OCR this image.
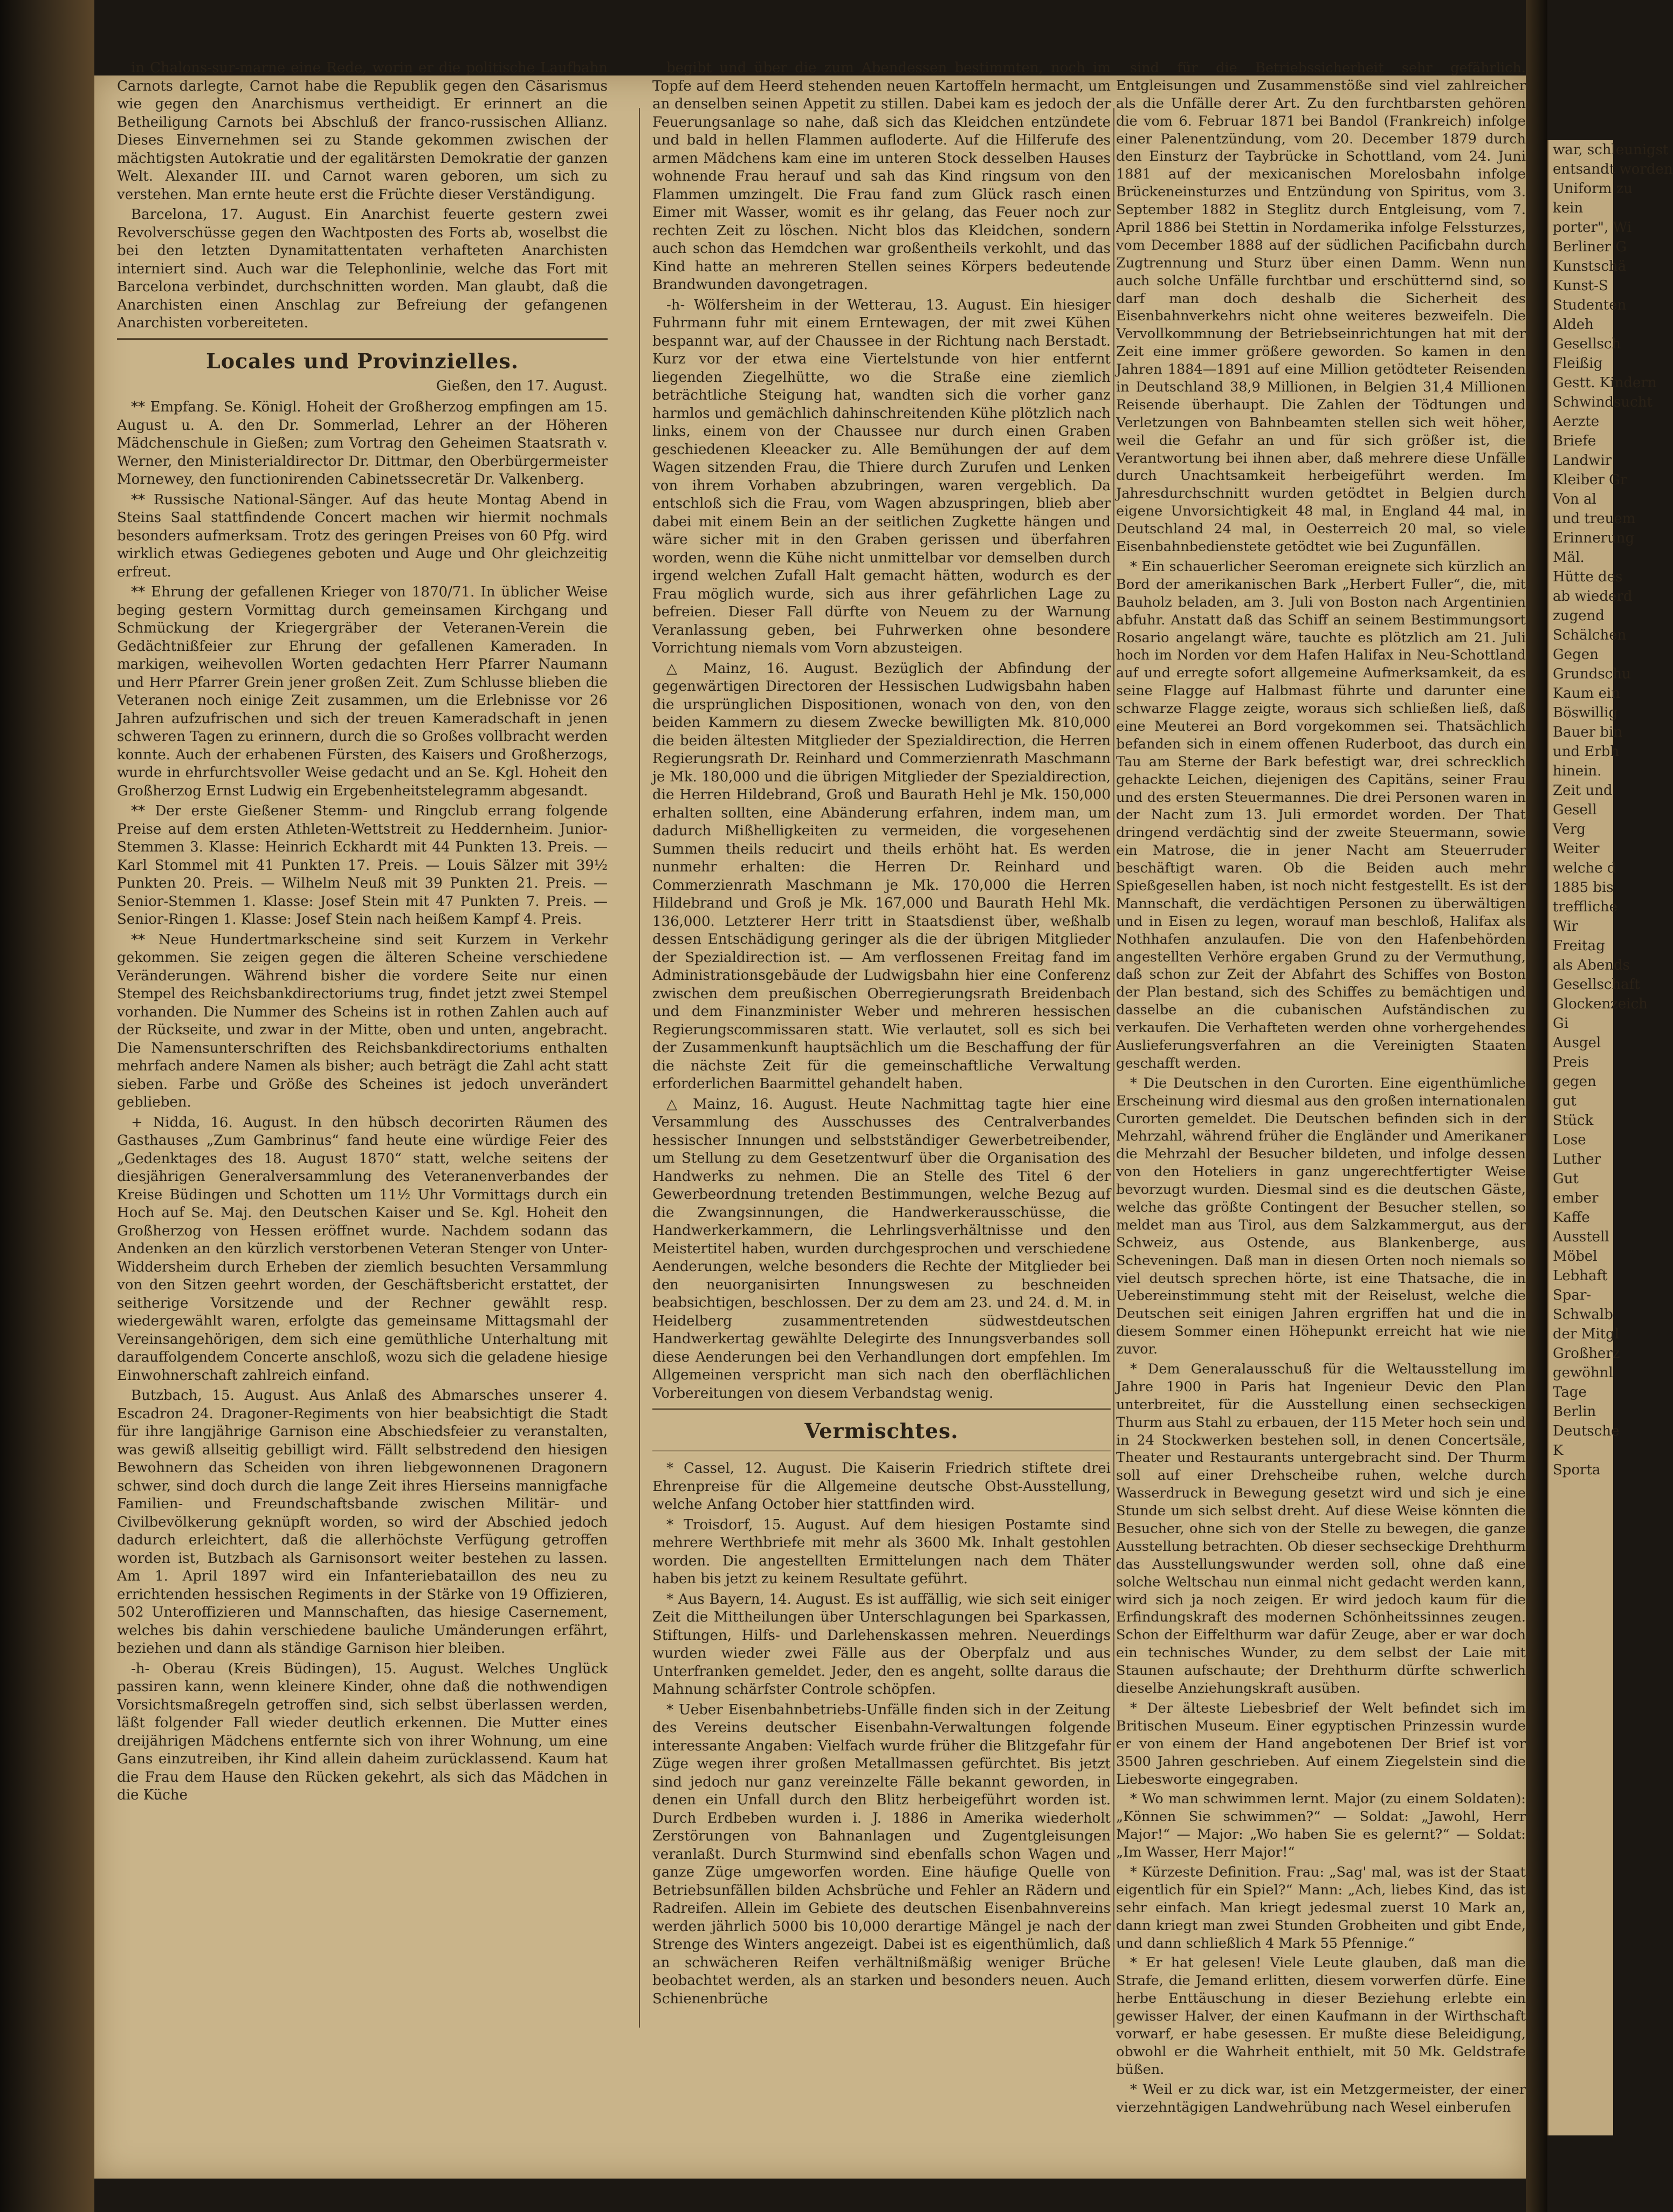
war, schleunigst
entsandt worden
Uniform zu
kein
porter", Wi
Berliner G
Kunstschä
Kunst-S
Studenten
Aldeh
Gesellsch
Fleißig
Gestt. Kindern
Schwindsucht
Aerzte
Briefe
Landwir
Kleiber Gr
Von al
und treuem
Erinnerung
Mäl.
Hütte des
ab wiederd
zugend
Schälchen
Gegen
Grundschu
Kaum ein
Böswillig
Bauer bin
und Erbh
hinein.
Zeit und
Gesell
Verg
Weiter
welche d
1885 bis
treffliche
Wir
Freitag
als Abends
Gesellschaft
Glockenzeich
Gi
Ausgel
Preis
gegen
gut
Stück
Lose
Luther
Gut
ember
Kaffe
Ausstell
Möbel
Lebhaft
Spar-
Schwalb
der Mitgl
Großherz
gewöhnl
Tage
Berlin
Deutsche
K
Sporta

in Chalons-sur-marne eine Rede, worin er die politische Laufbahn Carnots darlegte, Carnot habe die Republik gegen den Cäsarismus wie gegen den Anarchismus vertheidigt. Er erinnert an die Betheiligung Carnots bei Abschluß der franco-russischen Allianz. Dieses Einvernehmen sei zu Stande gekommen zwischen der mächtigsten Autokratie und der egalitärsten Demokratie der ganzen Welt. Alexander III. und Carnot waren geboren, um sich zu verstehen. Man ernte heute erst die Früchte dieser Verständigung.

Barcelona, 17. August. Ein Anarchist feuerte gestern zwei Revolverschüsse gegen den Wachtposten des Forts ab, woselbst die bei den letzten Dynamitattentaten verhafteten Anarchisten interniert sind. Auch war die Telephonlinie, welche das Fort mit Barcelona verbindet, durchschnitten worden. Man glaubt, daß die Anarchisten einen Anschlag zur Befreiung der gefangenen Anarchisten vorbereiteten.

Locales und Provinzielles.
Gießen, den 17. August.

** Empfang. Se. Königl. Hoheit der Großherzog empfingen am 15. August u. A. den Dr. Sommerlad, Lehrer an der Höheren Mädchenschule in Gießen; zum Vortrag den Geheimen Staatsrath v. Werner, den Ministerialdirector Dr. Dittmar, den Oberbürgermeister Mornewey, den functionirenden Cabinetssecretär Dr. Valkenberg.

** Russische National-Sänger. Auf das heute Montag Abend in Steins Saal stattfindende Concert machen wir hiermit nochmals besonders aufmerksam. Trotz des geringen Preises von 60 Pfg. wird wirklich etwas Gediegenes geboten und Auge und Ohr gleichzeitig erfreut.

** Ehrung der gefallenen Krieger von 1870/71. In üblicher Weise beging gestern Vormittag durch gemeinsamen Kirchgang und Schmückung der Kriegergräber der Veteranen-Verein die Gedächtnißfeier zur Ehrung der gefallenen Kameraden. In markigen, weihevollen Worten gedachten Herr Pfarrer Naumann und Herr Pfarrer Grein jener großen Zeit. Zum Schlusse blieben die Veteranen noch einige Zeit zusammen, um die Erlebnisse vor 26 Jahren aufzufrischen und sich der treuen Kameradschaft in jenen schweren Tagen zu erinnern, durch die so Großes vollbracht werden konnte. Auch der erhabenen Fürsten, des Kaisers und Großherzogs, wurde in ehrfurchtsvoller Weise gedacht und an Se. Kgl. Hoheit den Großherzog Ernst Ludwig ein Ergebenheitstelegramm abgesandt.

** Der erste Gießener Stemm- und Ringclub errang folgende Preise auf dem ersten Athleten-Wettstreit zu Heddernheim. Junior-Stemmen 3. Klasse: Heinrich Eckhardt mit 44 Punkten 13. Preis. — Karl Stommel mit 41 Punkten 17. Preis. — Louis Sälzer mit 39½ Punkten 20. Preis. — Wilhelm Neuß mit 39 Punkten 21. Preis. — Senior-Stemmen 1. Klasse: Josef Stein mit 47 Punkten 7. Preis. — Senior-Ringen 1. Klasse: Josef Stein nach heißem Kampf 4. Preis.

** Neue Hundertmarkscheine sind seit Kurzem in Verkehr gekommen. Sie zeigen gegen die älteren Scheine verschiedene Veränderungen. Während bisher die vordere Seite nur einen Stempel des Reichsbankdirectoriums trug, findet jetzt zwei Stempel vorhanden. Die Nummer des Scheins ist in rothen Zahlen auch auf der Rückseite, und zwar in der Mitte, oben und unten, angebracht. Die Namensunterschriften des Reichsbankdirectoriums enthalten mehrfach andere Namen als bisher; auch beträgt die Zahl acht statt sieben. Farbe und Größe des Scheines ist jedoch unverändert geblieben.

+ Nidda, 16. August. In den hübsch decorirten Räumen des Gasthauses „Zum Gambrinus“ fand heute eine würdige Feier des „Gedenktages des 18. August 1870“ statt, welche seitens der diesjährigen Generalversammlung des Veteranenverbandes der Kreise Büdingen und Schotten um 11½ Uhr Vormittags durch ein Hoch auf Se. Maj. den Deutschen Kaiser und Se. Kgl. Hoheit den Großherzog von Hessen eröffnet wurde. Nachdem sodann das Andenken an den kürzlich verstorbenen Veteran Stenger von Unter-Widdersheim durch Erheben der ziemlich besuchten Versammlung von den Sitzen geehrt worden, der Geschäftsbericht erstattet, der seitherige Vorsitzende und der Rechner gewählt resp. wiedergewählt waren, erfolgte das gemeinsame Mittagsmahl der Vereinsangehörigen, dem sich eine gemüthliche Unterhaltung mit darauffolgendem Concerte anschloß, wozu sich die geladene hiesige Einwohnerschaft zahlreich einfand.

Butzbach, 15. August. Aus Anlaß des Abmarsches unserer 4. Escadron 24. Dragoner-Regiments von hier beabsichtigt die Stadt für ihre langjährige Garnison eine Abschiedsfeier zu veranstalten, was gewiß allseitig gebilligt wird. Fällt selbstredend den hiesigen Bewohnern das Scheiden von ihren liebgewonnenen Dragonern schwer, sind doch durch die lange Zeit ihres Hierseins mannigfache Familien- und Freundschaftsbande zwischen Militär- und Civilbevölkerung geknüpft worden, so wird der Abschied jedoch dadurch erleichtert, daß die allerhöchste Verfügung getroffen worden ist, Butzbach als Garnisonsort weiter bestehen zu lassen. Am 1. April 1897 wird ein Infanteriebataillon des neu zu errichtenden hessischen Regiments in der Stärke von 19 Offizieren, 502 Unteroffizieren und Mannschaften, das hiesige Casernement, welches bis dahin verschiedene bauliche Umänderungen erfährt, beziehen und dann als ständige Garnison hier bleiben.

-h- Oberau (Kreis Büdingen), 15. August. Welches Unglück passiren kann, wenn kleinere Kinder, ohne daß die nothwendigen Vorsichtsmaßregeln getroffen sind, sich selbst überlassen werden, läßt folgender Fall wieder deutlich erkennen. Die Mutter eines dreijährigen Mädchens entfernte sich von ihrer Wohnung, um eine Gans einzutreiben, ihr Kind allein daheim zurücklassend. Kaum hat die Frau dem Hause den Rücken gekehrt, als sich das Mädchen in die Küche

begibt und über die zum Abendessen bestimmten, noch im Topfe auf dem Heerd stehenden neuen Kartoffeln hermacht, um an denselben seinen Appetit zu stillen. Dabei kam es jedoch der Feuerungsanlage so nahe, daß sich das Kleidchen entzündete und bald in hellen Flammen aufloderte. Auf die Hilferufe des armen Mädchens kam eine im unteren Stock desselben Hauses wohnende Frau herauf und sah das Kind ringsum von den Flammen umzingelt. Die Frau fand zum Glück rasch einen Eimer mit Wasser, womit es ihr gelang, das Feuer noch zur rechten Zeit zu löschen. Nicht blos das Kleidchen, sondern auch schon das Hemdchen war großentheils verkohlt, und das Kind hatte an mehreren Stellen seines Körpers bedeutende Brandwunden davongetragen.

-h- Wölfersheim in der Wetterau, 13. August. Ein hiesiger Fuhrmann fuhr mit einem Erntewagen, der mit zwei Kühen bespannt war, auf der Chaussee in der Richtung nach Berstadt. Kurz vor der etwa eine Viertelstunde von hier entfernt liegenden Ziegelhütte, wo die Straße eine ziemlich beträchtliche Steigung hat, wandten sich die vorher ganz harmlos und gemächlich dahinschreitenden Kühe plötzlich nach links, einem von der Chaussee nur durch einen Graben geschiedenen Kleeacker zu. Alle Bemühungen der auf dem Wagen sitzenden Frau, die Thiere durch Zurufen und Lenken von ihrem Vorhaben abzubringen, waren vergeblich. Da entschloß sich die Frau, vom Wagen abzuspringen, blieb aber dabei mit einem Bein an der seitlichen Zugkette hängen und wäre sicher mit in den Graben gerissen und überfahren worden, wenn die Kühe nicht unmittelbar vor demselben durch irgend welchen Zufall Halt gemacht hätten, wodurch es der Frau möglich wurde, sich aus ihrer gefährlichen Lage zu befreien. Dieser Fall dürfte von Neuem zu der Warnung Veranlassung geben, bei Fuhrwerken ohne besondere Vorrichtung niemals vom Vorn abzusteigen.

△ Mainz, 16. August. Bezüglich der Abfindung der gegenwärtigen Directoren der Hessischen Ludwigsbahn haben die ursprünglichen Dispositionen, wonach von den, von den beiden Kammern zu diesem Zwecke bewilligten Mk. 810,000 die beiden ältesten Mitglieder der Spezialdirection, die Herren Regierungsrath Dr. Reinhard und Commerzienrath Maschmann je Mk. 180,000 und die übrigen Mitglieder der Spezialdirection, die Herren Hildebrand, Groß und Baurath Hehl je Mk. 150,000 erhalten sollten, eine Abänderung erfahren, indem man, um dadurch Mißhelligkeiten zu vermeiden, die vorgesehenen Summen theils reducirt und theils erhöht hat. Es werden nunmehr erhalten: die Herren Dr. Reinhard und Commerzienrath Maschmann je Mk. 170,000 die Herren Hildebrand und Groß je Mk. 167,000 und Baurath Hehl Mk. 136,000. Letzterer Herr tritt in Staatsdienst über, weßhalb dessen Entschädigung geringer als die der übrigen Mitglieder der Spezialdirection ist. — Am verflossenen Freitag fand im Administrationsgebäude der Ludwigsbahn hier eine Conferenz zwischen dem preußischen Oberregierungsrath Breidenbach und dem Finanzminister Weber und mehreren hessischen Regierungscommissaren statt. Wie verlautet, soll es sich bei der Zusammenkunft hauptsächlich um die Beschaffung der für die nächste Zeit für die gemeinschaftliche Verwaltung erforderlichen Baarmittel gehandelt haben.

△ Mainz, 16. August. Heute Nachmittag tagte hier eine Versammlung des Ausschusses des Centralverbandes hessischer Innungen und selbstständiger Gewerbetreibender, um Stellung zu dem Gesetzentwurf über die Organisation des Handwerks zu nehmen. Die an Stelle des Titel 6 der Gewerbeordnung tretenden Bestimmungen, welche Bezug auf die Zwangsinnungen, die Handwerkerausschüsse, die Handwerkerkammern, die Lehrlingsverhältnisse und den Meistertitel haben, wurden durchgesprochen und verschiedene Aenderungen, welche besonders die Rechte der Mitglieder bei den neuorganisirten Innungswesen zu beschneiden beabsichtigen, beschlossen. Der zu dem am 23. und 24. d. M. in Heidelberg zusammentretenden südwestdeutschen Handwerkertag gewählte Delegirte des Innungsverbandes soll diese Aenderungen bei den Verhandlungen dort empfehlen. Im Allgemeinen verspricht man sich nach den oberflächlichen Vorbereitungen von diesem Verbandstag wenig.

Vermischtes.

* Cassel, 12. August. Die Kaiserin Friedrich stiftete drei Ehrenpreise für die Allgemeine deutsche Obst-Ausstellung, welche Anfang October hier stattfinden wird.

* Troisdorf, 15. August. Auf dem hiesigen Postamte sind mehrere Werthbriefe mit mehr als 3600 Mk. Inhalt gestohlen worden. Die angestellten Ermittelungen nach dem Thäter haben bis jetzt zu keinem Resultate geführt.

* Aus Bayern, 14. August. Es ist auffällig, wie sich seit einiger Zeit die Mittheilungen über Unterschlagungen bei Sparkassen, Stiftungen, Hilfs- und Darlehenskassen mehren. Neuerdings wurden wieder zwei Fälle aus der Oberpfalz und aus Unterfranken gemeldet. Jeder, den es angeht, sollte daraus die Mahnung schärfster Controle schöpfen.

* Ueber Eisenbahnbetriebs-Unfälle finden sich in der Zeitung des Vereins deutscher Eisenbahn-Verwaltungen folgende interessante Angaben: Vielfach wurde früher die Blitzgefahr für Züge wegen ihrer großen Metallmassen gefürchtet. Bis jetzt sind jedoch nur ganz vereinzelte Fälle bekannt geworden, in denen ein Unfall durch den Blitz herbeigeführt worden ist. Durch Erdbeben wurden i. J. 1886 in Amerika wiederholt Zerstörungen von Bahnanlagen und Zugentgleisungen veranlaßt. Durch Sturmwind sind ebenfalls schon Wagen und ganze Züge umgeworfen worden. Eine häufige Quelle von Betriebsunfällen bilden Achsbrüche und Fehler an Rädern und Radreifen. Allein im Gebiete des deutschen Eisenbahnvereins werden jährlich 5000 bis 10,000 derartige Mängel je nach der Strenge des Winters angezeigt. Dabei ist es eigenthümlich, daß an schwächeren Reifen verhältnißmäßig weniger Brüche beobachtet werden, als an starken und besonders neuen. Auch Schienenbrüche

sind für die Betriebssicherheit sehr gefährlich. Entgleisungen und Zusammenstöße sind viel zahlreicher als die Unfälle derer Art. Zu den furchtbarsten gehören die vom 6. Februar 1871 bei Bandol (Frankreich) infolge einer Palenentzündung, vom 20. December 1879 durch den Einsturz der Taybrücke in Schottland, vom 24. Juni 1881 auf der mexicanischen Morelosbahn infolge Brückeneinsturzes und Entzündung von Spiritus, vom 3. September 1882 in Steglitz durch Entgleisung, vom 7. April 1886 bei Stettin in Nordamerika infolge Felssturzes, vom December 1888 auf der südlichen Pacificbahn durch Zugtrennung und Sturz über einen Damm. Wenn nun auch solche Unfälle furchtbar und erschütternd sind, so darf man doch deshalb die Sicherheit des Eisenbahnverkehrs nicht ohne weiteres bezweifeln. Die Vervollkommnung der Betriebseinrichtungen hat mit der Zeit eine immer größere geworden. So kamen in den Jahren 1884—1891 auf eine Million getödteter Reisenden in Deutschland 38,9 Millionen, in Belgien 31,4 Millionen Reisende überhaupt. Die Zahlen der Tödtungen und Verletzungen von Bahnbeamten stellen sich weit höher, weil die Gefahr an und für sich größer ist, die Verantwortung bei ihnen aber, daß mehrere diese Unfälle durch Unachtsamkeit herbeigeführt werden. Im Jahresdurchschnitt wurden getödtet in Belgien durch eigene Unvorsichtigkeit 48 mal, in England 44 mal, in Deutschland 24 mal, in Oesterreich 20 mal, so viele Eisenbahnbedienstete getödtet wie bei Zugunfällen.

* Ein schauerlicher Seeroman ereignete sich kürzlich an Bord der amerikanischen Bark „Herbert Fuller“, die, mit Bauholz beladen, am 3. Juli von Boston nach Argentinien abfuhr. Anstatt daß das Schiff an seinem Bestimmungsort Rosario angelangt wäre, tauchte es plötzlich am 21. Juli hoch im Norden vor dem Hafen Halifax in Neu-Schottland auf und erregte sofort allgemeine Aufmerksamkeit, da es seine Flagge auf Halbmast führte und darunter eine schwarze Flagge zeigte, woraus sich schließen ließ, daß eine Meuterei an Bord vorgekommen sei. Thatsächlich befanden sich in einem offenen Ruderboot, das durch ein Tau am Sterne der Bark befestigt war, drei schrecklich gehackte Leichen, diejenigen des Capitäns, seiner Frau und des ersten Steuermannes. Die drei Personen waren in der Nacht zum 13. Juli ermordet worden. Der That dringend verdächtig sind der zweite Steuermann, sowie ein Matrose, die in jener Nacht am Steuerruder beschäftigt waren. Ob die Beiden auch mehr Spießgesellen haben, ist noch nicht festgestellt. Es ist der Mannschaft, die verdächtigen Personen zu überwältigen und in Eisen zu legen, worauf man beschloß, Halifax als Nothhafen anzulaufen. Die von den Hafenbehörden angestellten Verhöre ergaben Grund zu der Vermuthung, daß schon zur Zeit der Abfahrt des Schiffes von Boston der Plan bestand, sich des Schiffes zu bemächtigen und dasselbe an die cubanischen Aufständischen zu verkaufen. Die Verhafteten werden ohne vorhergehendes Auslieferungsverfahren an die Vereinigten Staaten geschafft werden.

* Die Deutschen in den Curorten. Eine eigenthümliche Erscheinung wird diesmal aus den großen internationalen Curorten gemeldet. Die Deutschen befinden sich in der Mehrzahl, während früher die Engländer und Amerikaner die Mehrzahl der Besucher bildeten, und infolge dessen von den Hoteliers in ganz ungerechtfertigter Weise bevorzugt wurden. Diesmal sind es die deutschen Gäste, welche das größte Contingent der Besucher stellen, so meldet man aus Tirol, aus dem Salzkammergut, aus der Schweiz, aus Ostende, aus Blankenberge, aus Scheveningen. Daß man in diesen Orten noch niemals so viel deutsch sprechen hörte, ist eine Thatsache, die in Uebereinstimmung steht mit der Reiselust, welche die Deutschen seit einigen Jahren ergriffen hat und die in diesem Sommer einen Höhepunkt erreicht hat wie nie zuvor.

* Dem Generalausschuß für die Weltausstellung im Jahre 1900 in Paris hat Ingenieur Devic den Plan unterbreitet, für die Ausstellung einen sechseckigen Thurm aus Stahl zu erbauen, der 115 Meter hoch sein und in 24 Stockwerken bestehen soll, in denen Concertsäle, Theater und Restaurants untergebracht sind. Der Thurm soll auf einer Drehscheibe ruhen, welche durch Wasserdruck in Bewegung gesetzt wird und sich je eine Stunde um sich selbst dreht. Auf diese Weise könnten die Besucher, ohne sich von der Stelle zu bewegen, die ganze Ausstellung betrachten. Ob dieser sechseckige Drehthurm das Ausstellungswunder werden soll, ohne daß eine solche Weltschau nun einmal nicht gedacht werden kann, wird sich ja noch zeigen. Er wird jedoch kaum für die Erfindungskraft des modernen Schönheitssinnes zeugen. Schon der Eiffelthurm war dafür Zeuge, aber er war doch ein technisches Wunder, zu dem selbst der Laie mit Staunen aufschaute; der Drehthurm dürfte schwerlich dieselbe Anziehungskraft ausüben.

* Der älteste Liebesbrief der Welt befindet sich im Britischen Museum. Einer egyptischen Prinzessin wurde er von einem der Hand angebotenen Der Brief ist vor 3500 Jahren geschrieben. Auf einem Ziegelstein sind die Liebesworte eingegraben.

* Wo man schwimmen lernt. Major (zu einem Soldaten): „Können Sie schwimmen?“ — Soldat: „Jawohl, Herr Major!“ — Major: „Wo haben Sie es gelernt?“ — Soldat: „Im Wasser, Herr Major!“

* Kürzeste Definition. Frau: „Sag' mal, was ist der Staat eigentlich für ein Spiel?“ Mann: „Ach, liebes Kind, das ist sehr einfach. Man kriegt jedesmal zuerst 10 Mark an, dann kriegt man zwei Stunden Grobheiten und gibt Ende, und dann schließlich 4 Mark 55 Pfennige.“

* Er hat gelesen! Viele Leute glauben, daß man die Strafe, die Jemand erlitten, diesem vorwerfen dürfe. Eine herbe Enttäuschung in dieser Beziehung erlebte ein gewisser Halver, der einen Kaufmann in der Wirthschaft vorwarf, er habe gesessen. Er mußte diese Beleidigung, obwohl er die Wahrheit enthielt, mit 50 Mk. Geldstrafe büßen.

* Weil er zu dick war, ist ein Metzgermeister, der einer vierzehntägigen Landwehrübung nach Wesel einberufen
